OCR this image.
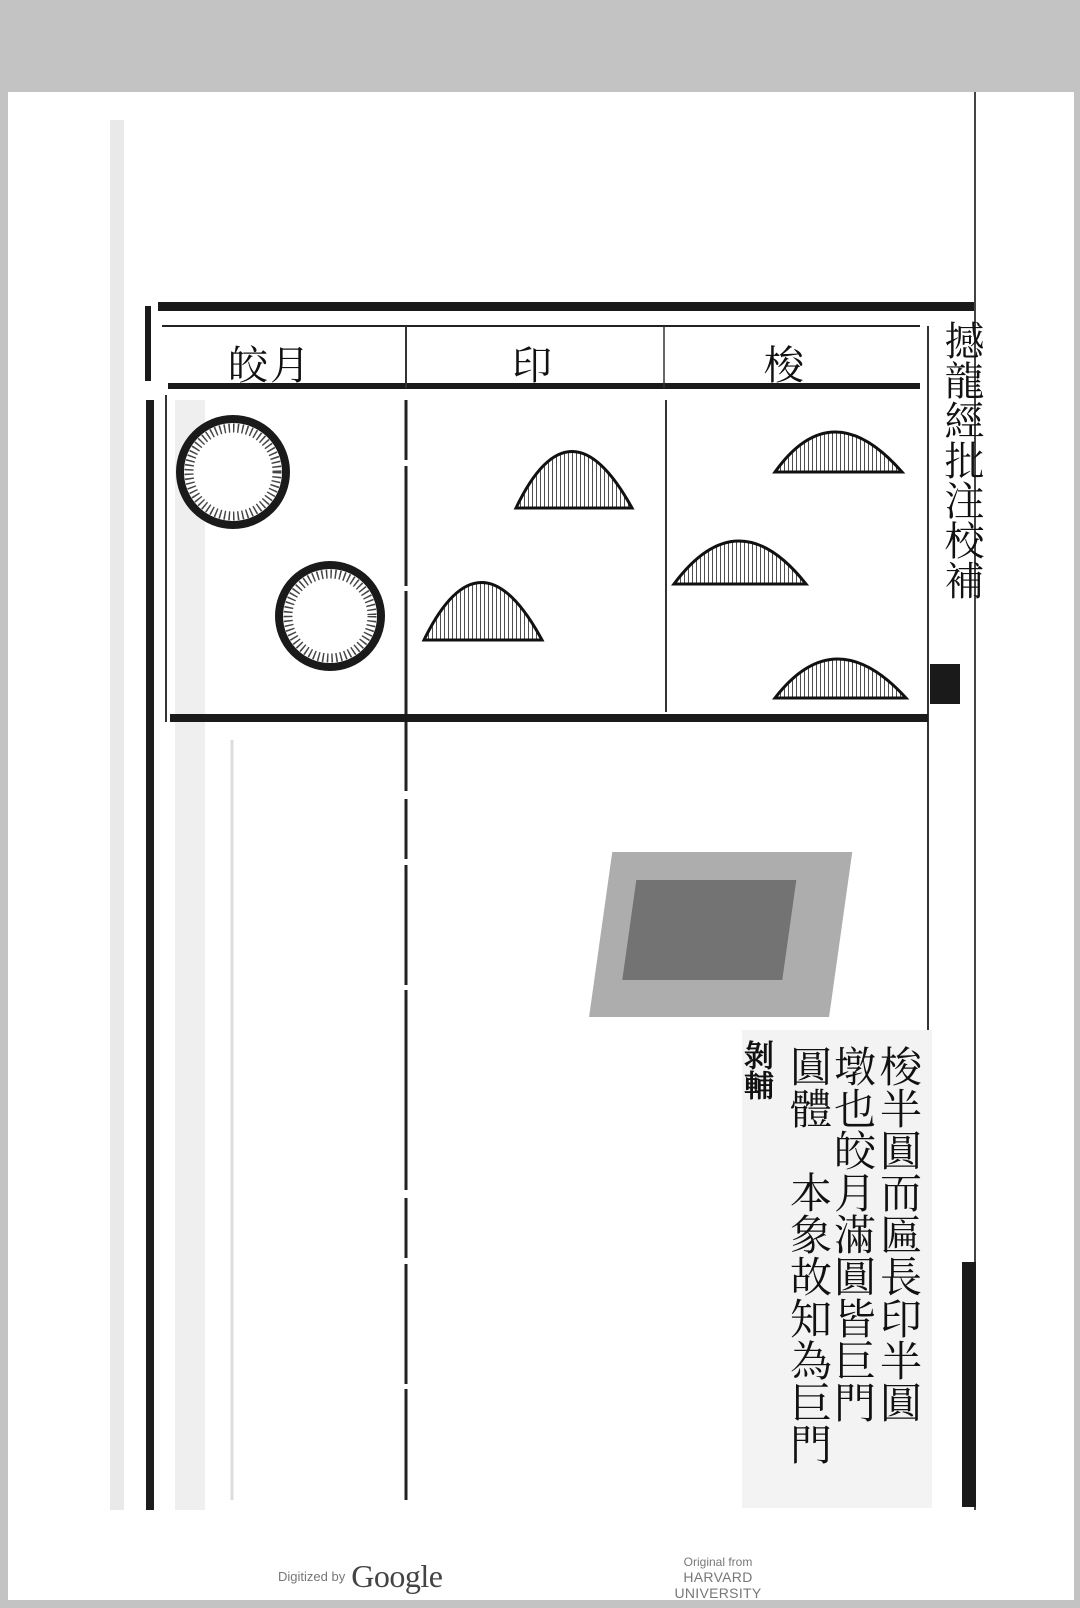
皎月	印	梭	撼龍經批注校補
梭半圓而匾長印半圓
墩也皎月滿圓皆巨門
圓體　本象故知為巨門
剝輔
Digitized by Google	Original from
HARVARD UNIVERSITY
